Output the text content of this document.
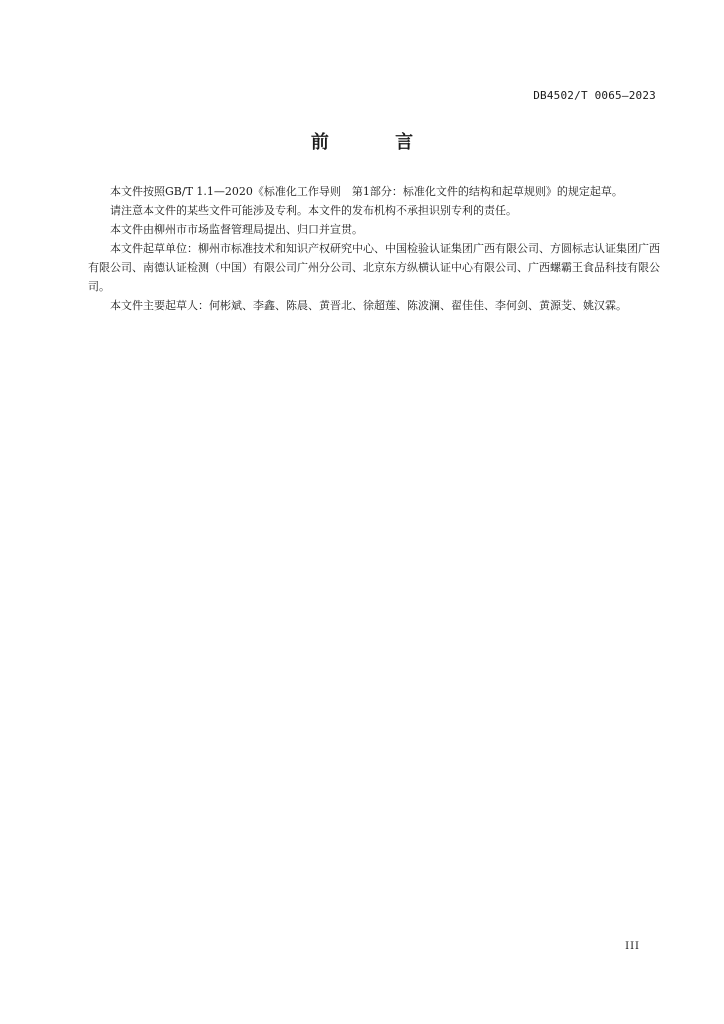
DB4502/T 0065—2023
前 言

本文件按照GB/T 1.1—2020《标准化工作导则　第1部分：标准化文件的结构和起草规则》的规定起草。

请注意本文件的某些文件可能涉及专利。本文件的发布机构不承担识别专利的责任。

本文件由柳州市市场监督管理局提出、归口并宣贯。

本文件起草单位：柳州市标准技术和知识产权研究中心、中国检验认证集团广西有限公司、方圆标志认证集团广西有限公司、南德认证检测（中国）有限公司广州分公司、北京东方纵横认证中心有限公司、广西螺霸王食品科技有限公司。

本文件主要起草人：何彬斌、李鑫、陈晨、黄晋北、徐超莲、陈波澜、翟佳佳、李何剑、黄源芠、姚汉霖。

III
